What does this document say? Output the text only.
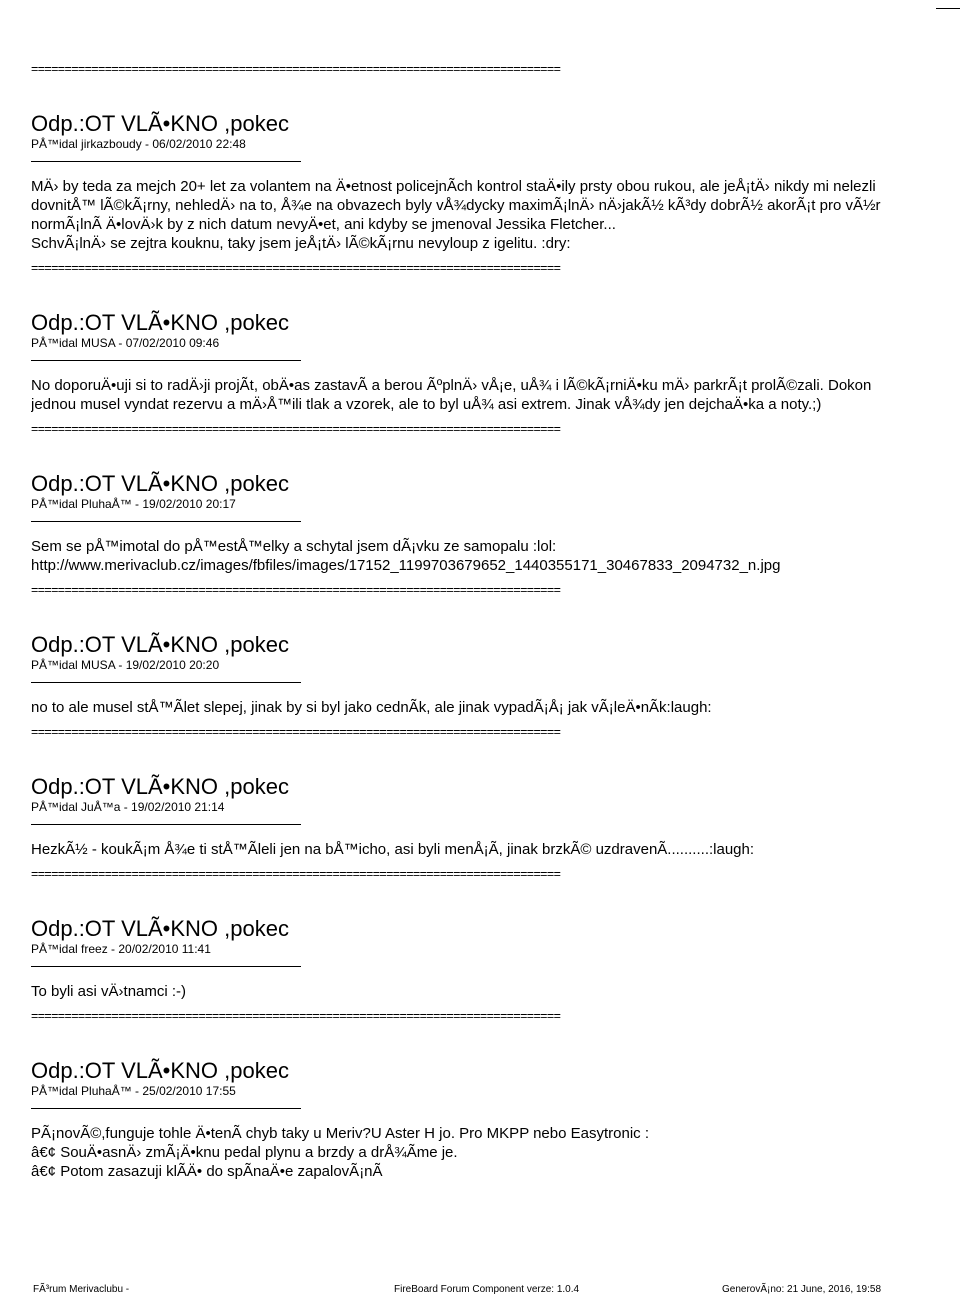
===============================================================================
Odp.:OT VLÃ•KNO ,pokec
PÅ™idal jirkazboudy - 06/02/2010 22:48
MÄ› by teda za mejch 20+ let za volantem na Ä•etnost policejnÃch kontrol staÄ•ily prsty obou rukou, ale jeÅ¡tÄ› nikdy mi nelezli
dovnitÅ™ lÃ©kÃ¡rny, nehledÄ› na to, Å¾e na obvazech byly vÅ¾dycky maximÃ¡lnÄ› nÄ›jakÃ½ kÃ³dy dobrÃ½ akorÃ¡t pro vÃ½r
normÃ¡lnÃ Ä•lovÄ›k by z nich datum nevyÄ•et, ani kdyby se jmenoval Jessika Fletcher...
SchvÃ¡lnÄ› se zejtra kouknu, taky jsem jeÅ¡tÄ› lÃ©kÃ¡rnu nevyloup z igelitu. :dry:
===============================================================================
Odp.:OT VLÃ•KNO ,pokec
PÅ™idal MUSA - 07/02/2010 09:46
No doporuÄ•uji si to radÄ›ji projÃt, obÄ•as zastavÃ a berou ÃºplnÄ› vÅ¡e, uÅ¾ i lÃ©kÃ¡rniÄ•ku mÄ› parkrÃ¡t prolÃ©zali. Dokon
jednou musel vyndat rezervu a mÄ›Å™ili tlak a vzorek, ale to byl uÅ¾ asi extrem. Jinak vÅ¾dy jen dejchaÄ•ka a noty.;)
===============================================================================
Odp.:OT VLÃ•KNO ,pokec
PÅ™idal PluhaÅ™ - 19/02/2010 20:17
Sem se pÅ™imotal do pÅ™estÅ™elky a schytal jsem dÃ¡vku ze samopalu :lol:
http://www.merivaclub.cz/images/fbfiles/images/17152_1199703679652_1440355171_30467833_2094732_n.jpg
===============================================================================
Odp.:OT VLÃ•KNO ,pokec
PÅ™idal MUSA - 19/02/2010 20:20
no to ale musel stÅ™Ãlet slepej, jinak by si byl jako cednÃk, ale jinak vypadÃ¡Å¡ jak vÃ¡leÄ•nÃk:laugh:
===============================================================================
Odp.:OT VLÃ•KNO ,pokec
PÅ™idal JuÅ™a - 19/02/2010 21:14
HezkÃ½ - koukÃ¡m Å¾e ti stÅ™Ãleli jen na bÅ™icho, asi byli menÅ¡Ã, jinak brzkÃ© uzdravenÃ..........:laugh:
===============================================================================
Odp.:OT VLÃ•KNO ,pokec
PÅ™idal freez - 20/02/2010 11:41
To byli asi vÄ›tnamci :-)
===============================================================================
Odp.:OT VLÃ•KNO ,pokec
PÅ™idal PluhaÅ™ - 25/02/2010 17:55
PÃ¡novÃ©,funguje tohle Ä•tenÃ chyb taky u Meriv?U Aster H jo. Pro MKPP nebo Easytronic :
â€¢ SouÄ•asnÄ› zmÃ¡Ä•knu pedal plynu a brzdy a drÅ¾Ãme je.
â€¢ Potom zasazuji klÃÄ• do spÃnaÄ•e zapalovÃ¡nÃ
FÃ³rum Merivaclubu -	FireBoard Forum Component verze: 1.0.4	GenerovÃ¡no: 21 June, 2016, 19:58
